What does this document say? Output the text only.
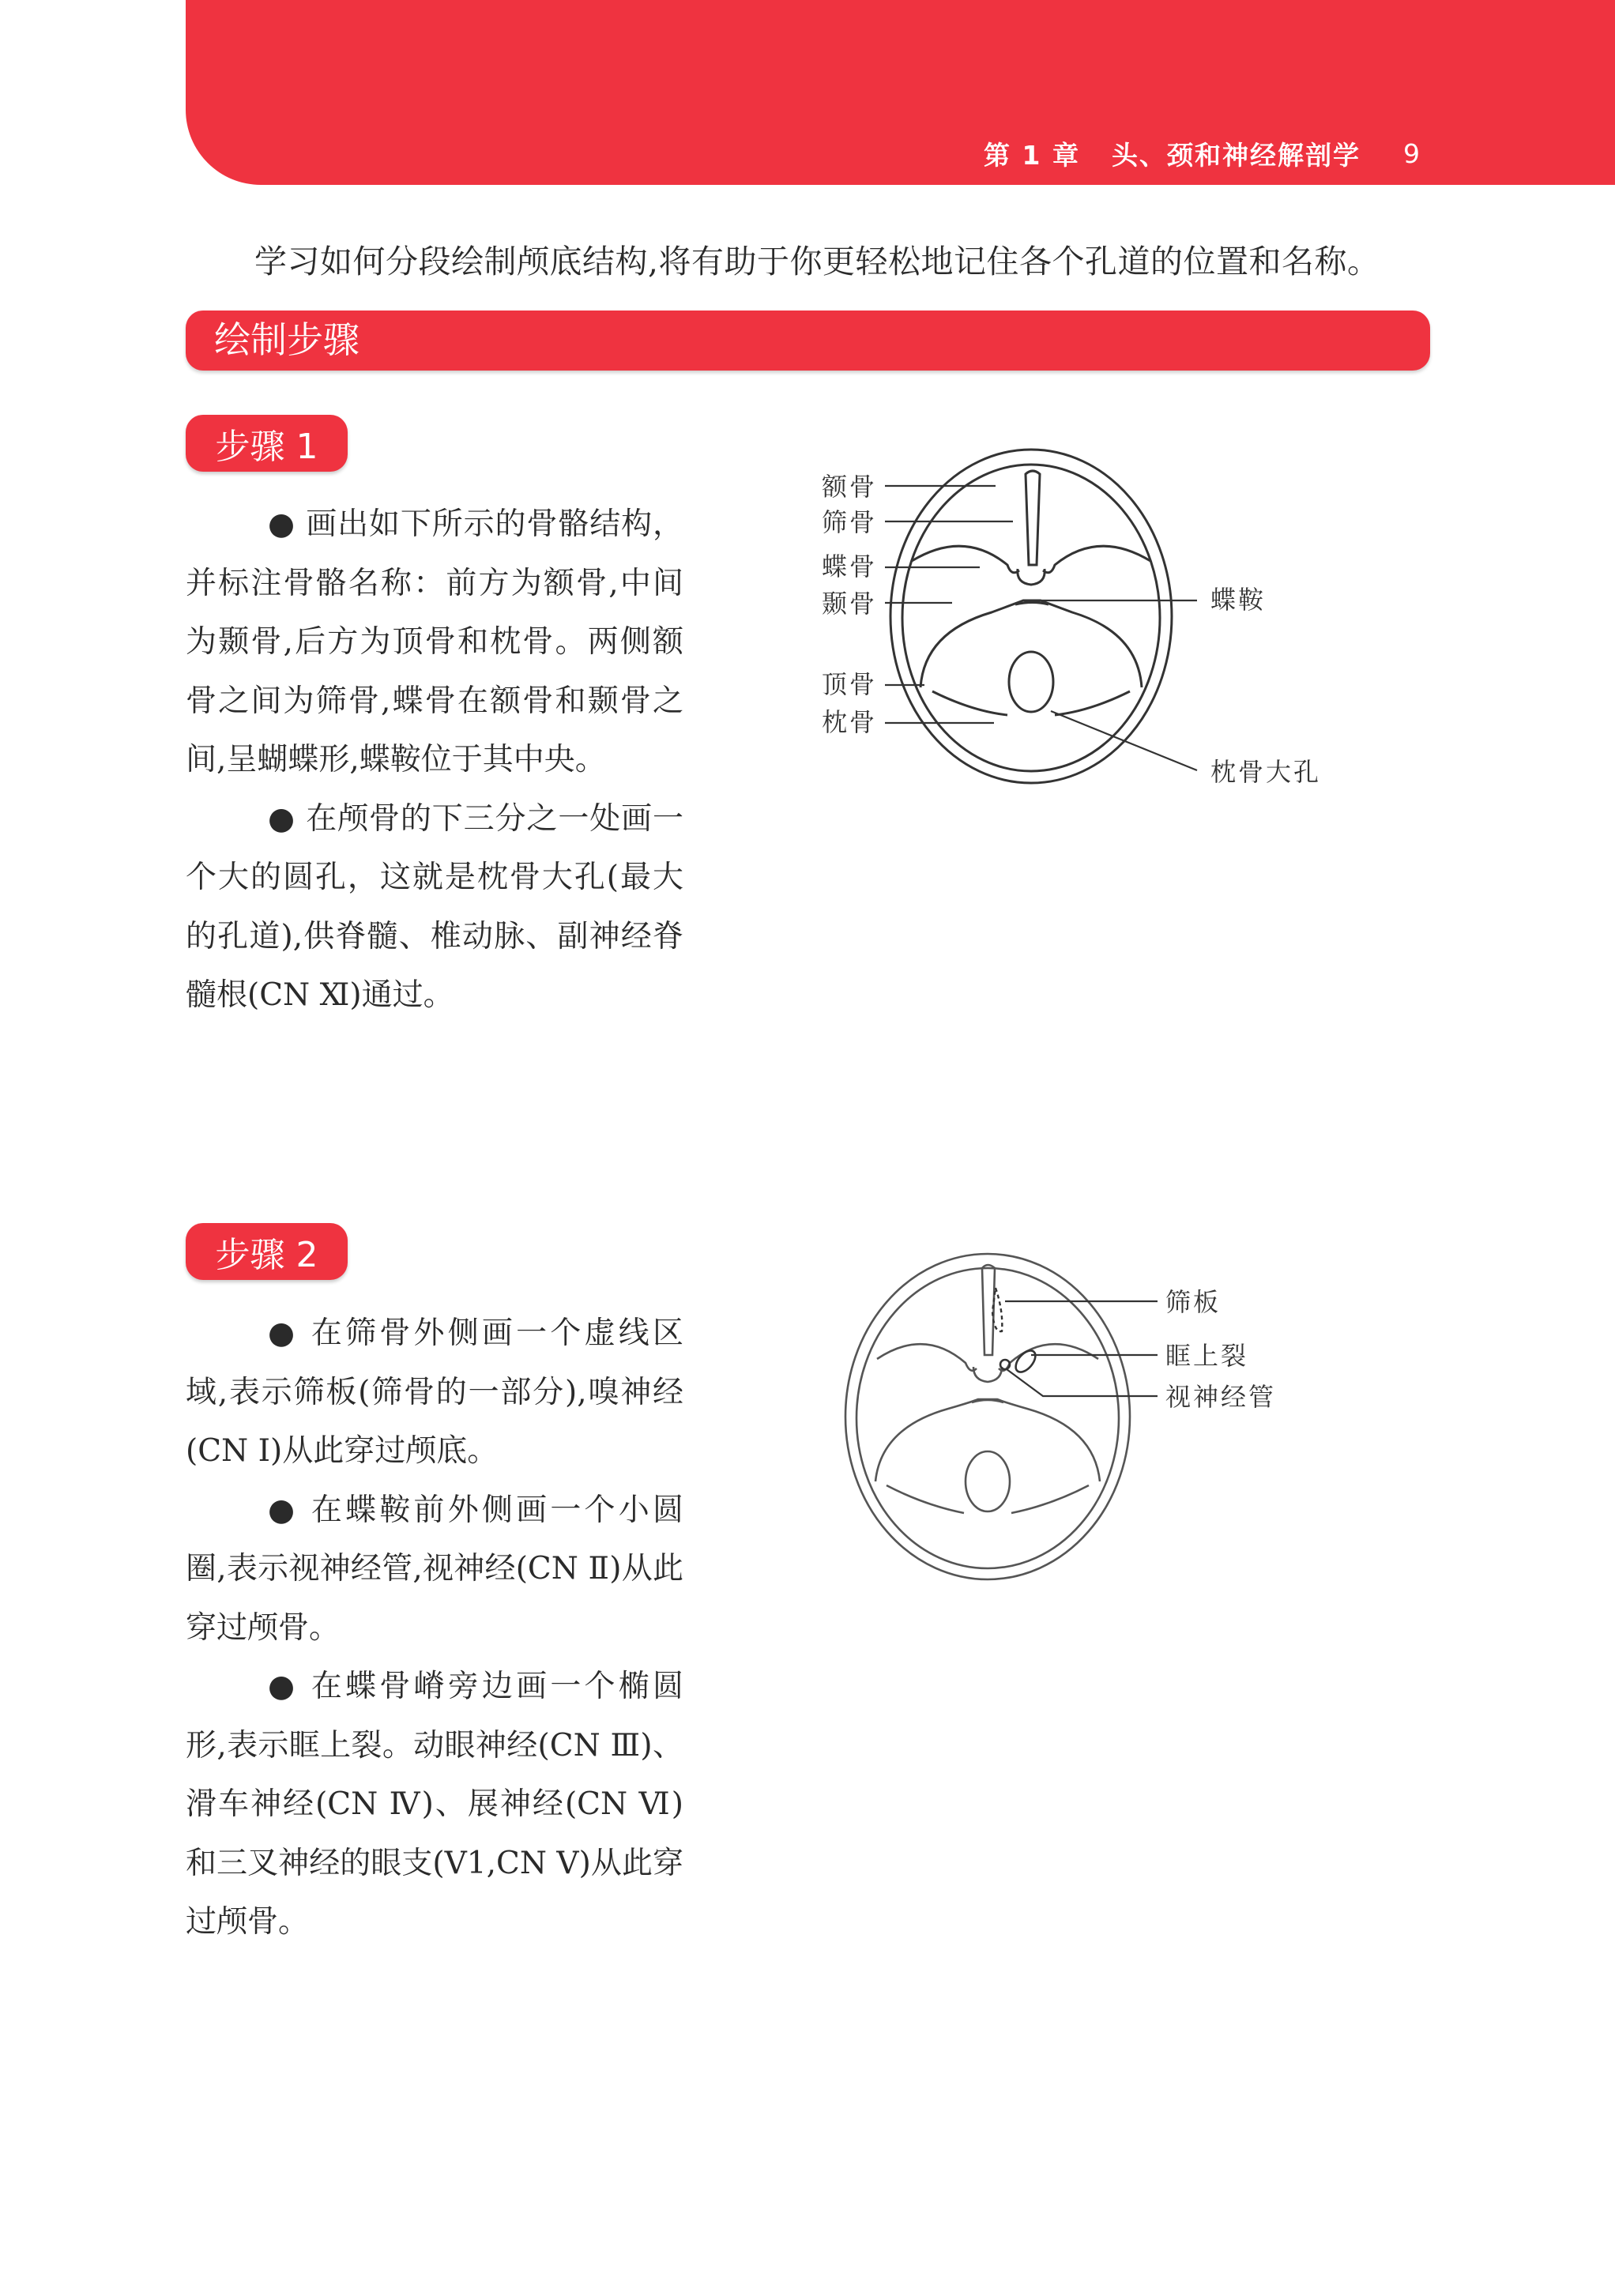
第 1 章 头、颈和神经解剖学 9
学习如何分段绘制颅底结构,将有助于你更轻松地记住各个孔道的位置和名称。
绘制步骤
步骤 1

● 画出如下所示的骨骼结构，并标注骨骼名称：前方为额骨,中间为颞骨,后方为顶骨和枕骨。两侧额骨之间为筛骨,蝶骨在额骨和颞骨之间,呈蝴蝶形,蝶鞍位于其中央。

● 在颅骨的下三分之一处画一个大的圆孔，这就是枕骨大孔(最大的孔道),供脊髓、椎动脉、副神经脊髓根(CN Ⅺ)通过。

额骨
筛骨
蝶骨
颞骨
顶骨
枕骨
蝶鞍
枕骨大孔
步骤 2

● 在筛骨外侧画一个虚线区域,表示筛板(筛骨的一部分),嗅神经(CN Ⅰ)从此穿过颅底。

● 在蝶鞍前外侧画一个小圆圈,表示视神经管,视神经(CN Ⅱ)从此穿过颅骨。

● 在蝶骨嵴旁边画一个椭圆形,表示眶上裂。动眼神经(CN Ⅲ)、滑车神经(CN Ⅳ)、展神经(CN Ⅵ) 和三叉神经的眼支(V1,CN Ⅴ)从此穿过颅骨。

筛板
眶上裂
视神经管
